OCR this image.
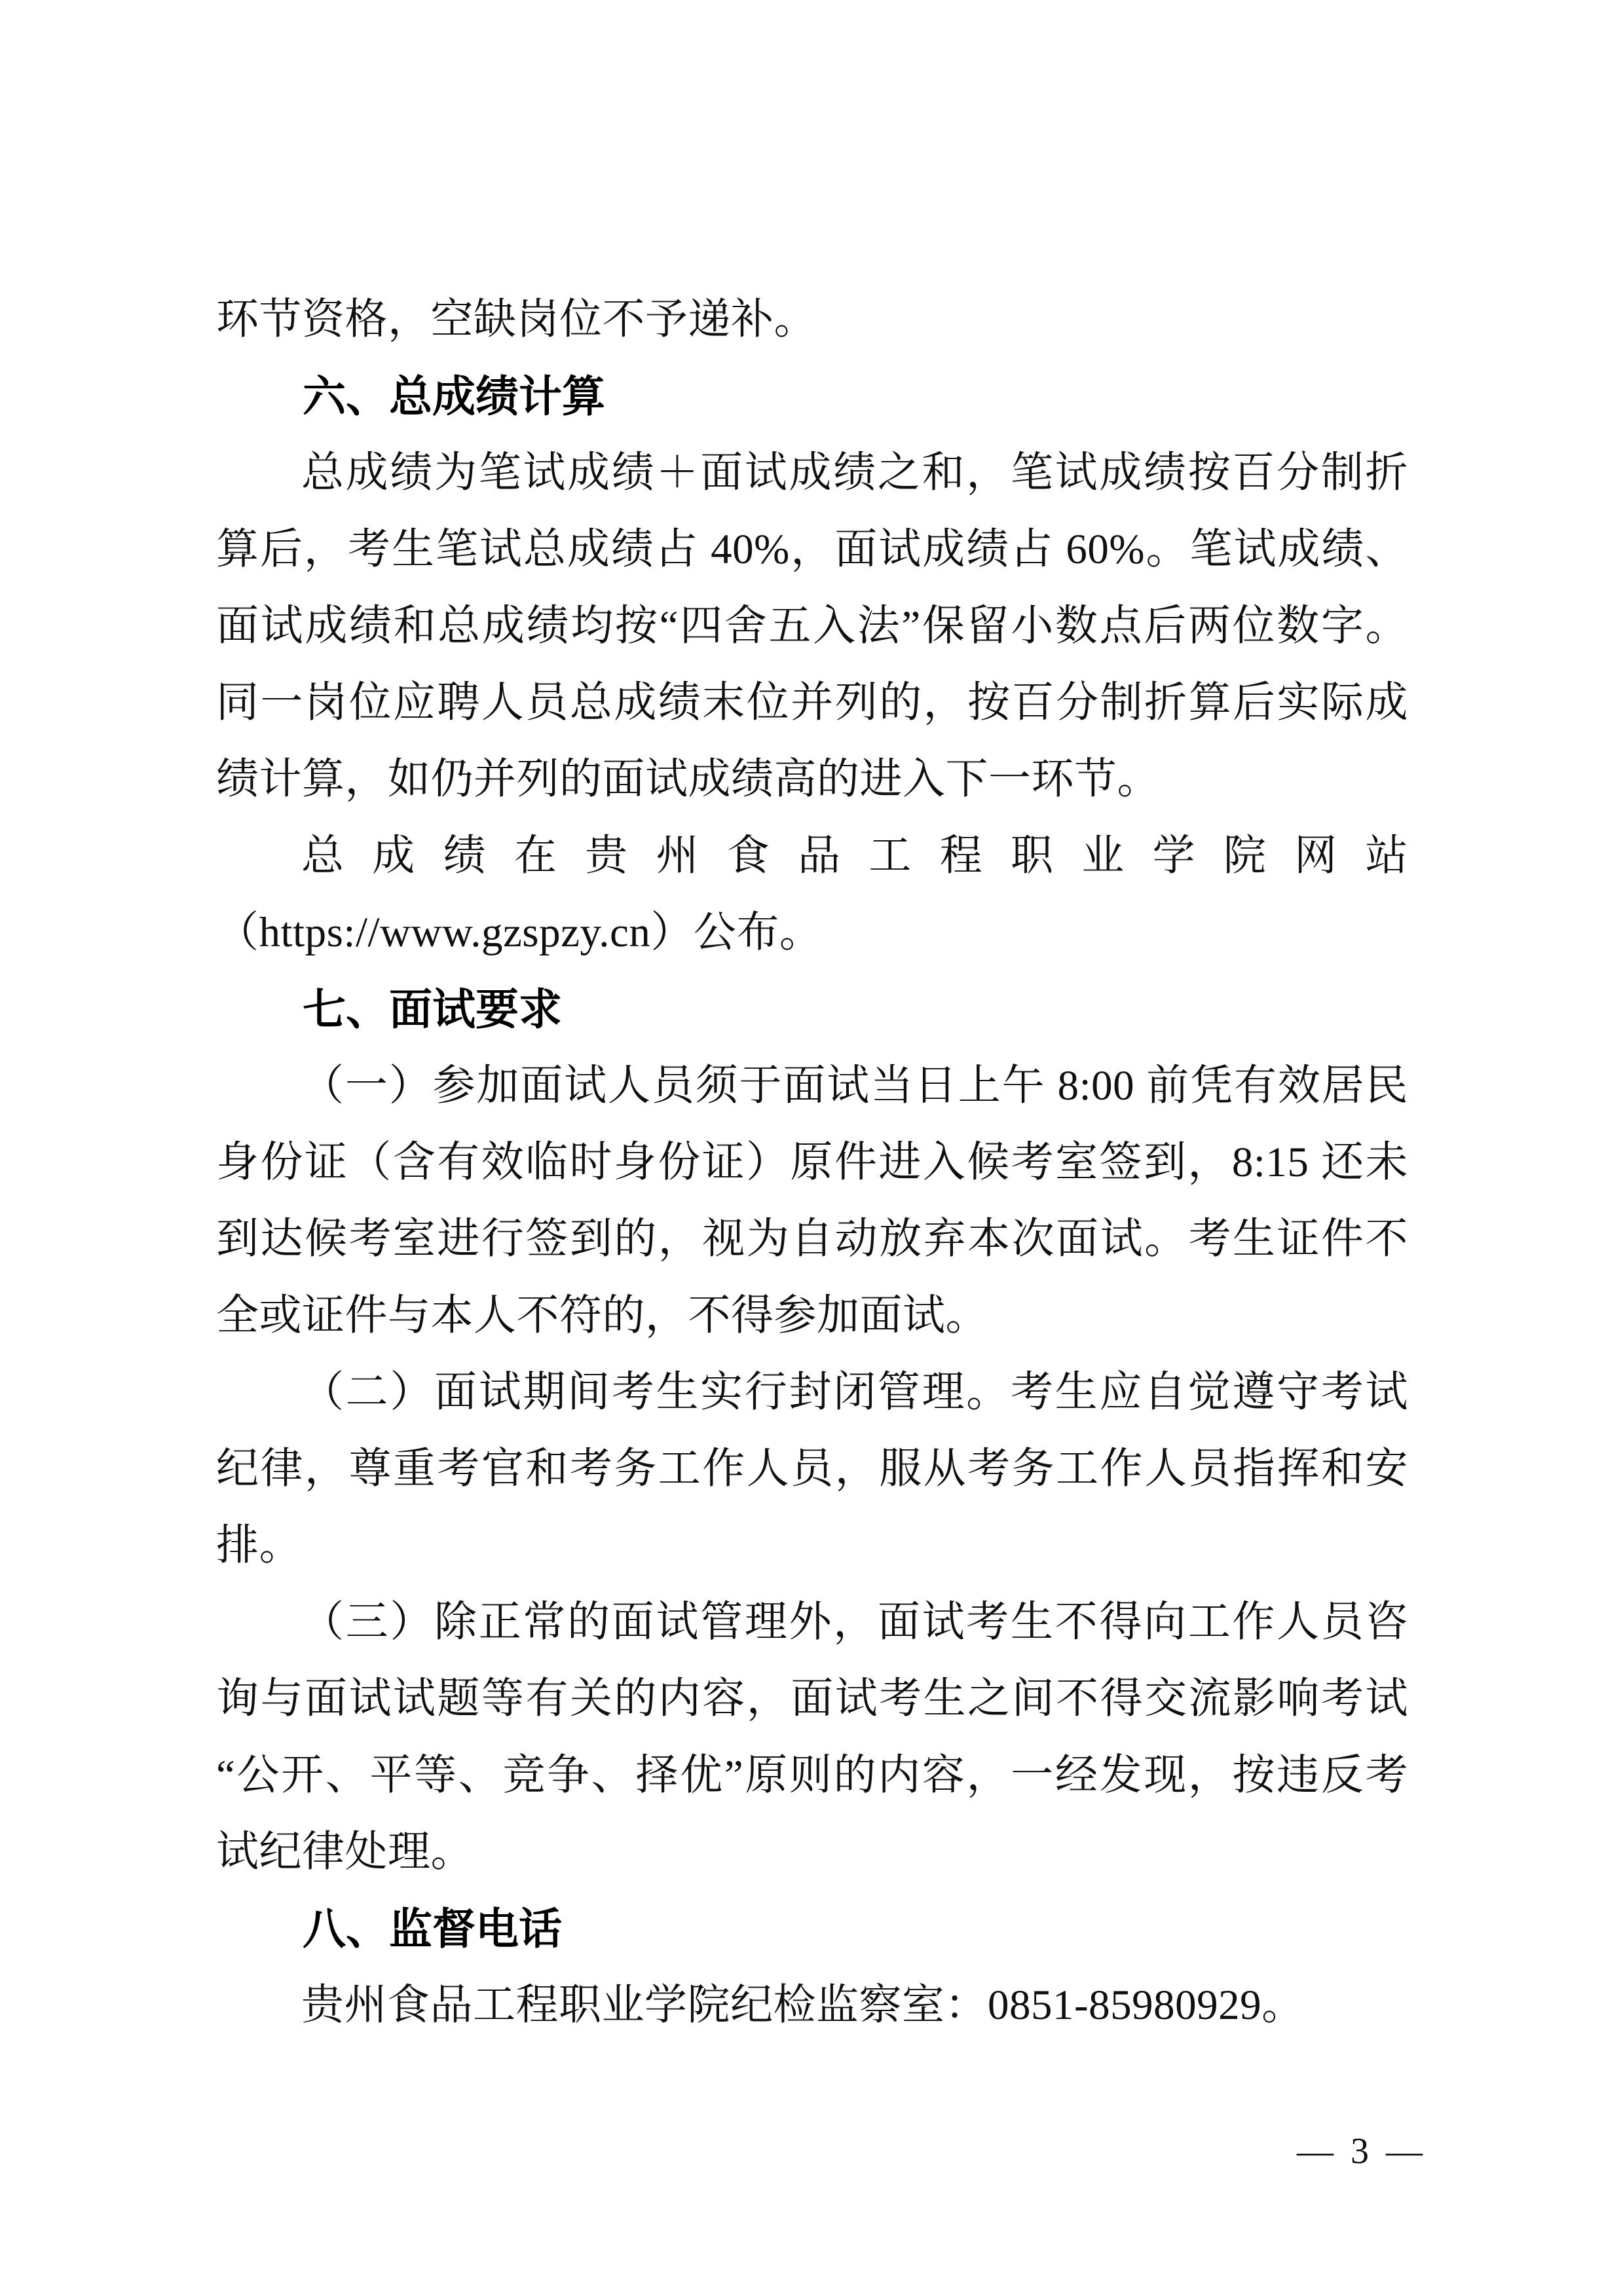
环节资格，空缺岗位不予递补。

六、总成绩计算

总成绩为笔试成绩＋面试成绩之和，笔试成绩按百分制折算后，考生笔试总成绩占 40%，面试成绩占 60%。笔试成绩、面试成绩和总成绩均按“四舍五入法”保留小数点后两位数字。同一岗位应聘人员总成绩末位并列的，按百分制折算后实际成绩计算，如仍并列的面试成绩高的进入下一环节。

总成绩在贵州食品工程职业学院网站（https://www.gzspzy.cn）公布。

七、面试要求

（一）参加面试人员须于面试当日上午 8:00 前凭有效居民身份证（含有效临时身份证）原件进入候考室签到，8:15 还未到达候考室进行签到的，视为自动放弃本次面试。考生证件不全或证件与本人不符的，不得参加面试。

（二）面试期间考生实行封闭管理。考生应自觉遵守考试纪律，尊重考官和考务工作人员，服从考务工作人员指挥和安排。

（三）除正常的面试管理外，面试考生不得向工作人员咨询与面试试题等有关的内容，面试考生之间不得交流影响考试“公开、平等、竞争、择优”原则的内容，一经发现，按违反考试纪律处理。

八、监督电话

贵州食品工程职业学院纪检监察室：0851-85980929。

— 3 —
